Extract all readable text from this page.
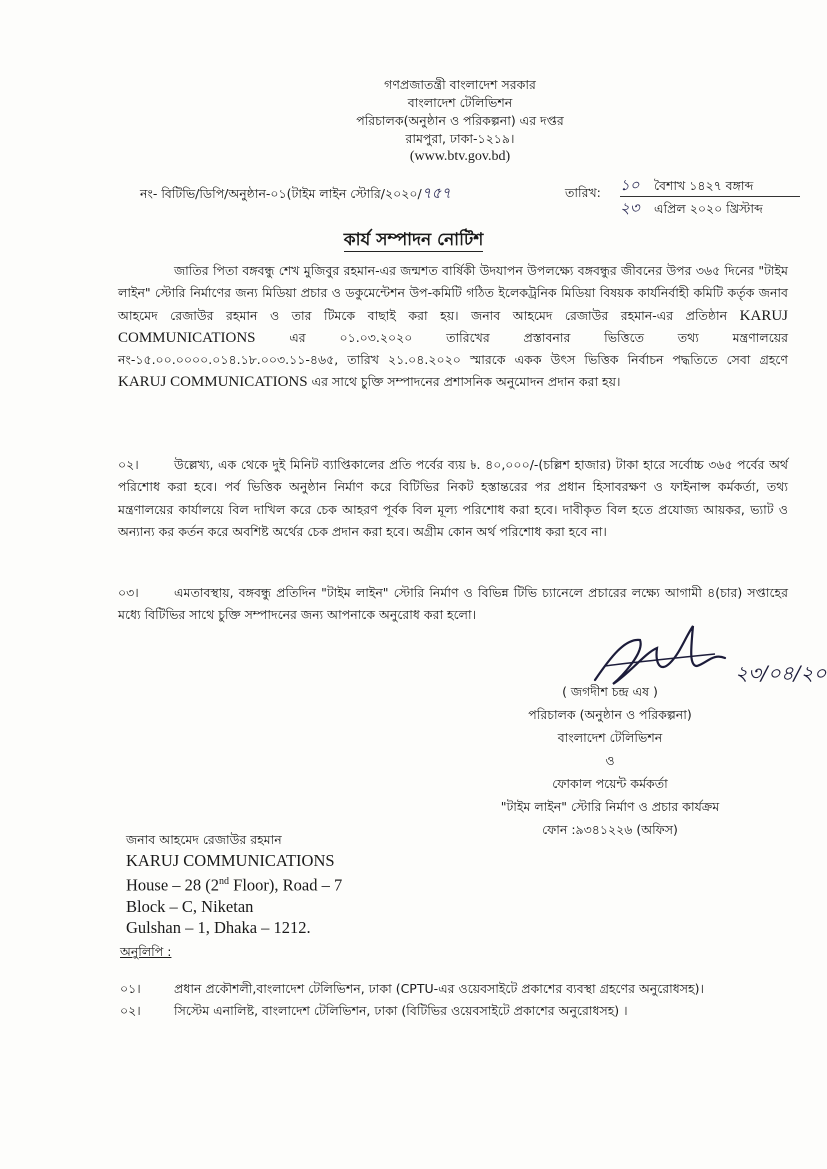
গণপ্রজাতন্ত্রী বাংলাদেশ সরকার
বাংলাদেশ টেলিভিশন
পরিচালক(অনুষ্ঠান ও পরিকল্পনা) এর দপ্তর
রামপুরা, ঢাকা-১২১৯।
(www.btv.gov.bd)
নং- বিটিভি/ডিপি/অনুষ্ঠান-০১(টাইম লাইন স্টোরি/২০২০/৭৫৭	তারিখ: ১০ বৈশাখ ১৪২৭ বঙ্গাব্দ
২৩ এপ্রিল ২০২০ খ্রিস্টাব্দ
কার্য সম্পাদন নোটিশ

জাতির পিতা বঙ্গবন্ধু শেখ মুজিবুর রহমান-এর জন্মশত বার্ষিকী উদযাপন উপলক্ষ্যে বঙ্গবন্ধুর জীবনের উপর ৩৬৫ দিনের "টাইম লাইন" স্টোরি নির্মাণের জন্য মিডিয়া প্রচার ও ডকুমেন্টেশন উপ-কমিটি গঠিত ইলেকট্রনিক মিডিয়া বিষয়ক কার্যনির্বাহী কমিটি কর্তৃক জনাব আহমেদ রেজাউর রহমান ও তার টিমকে বাছাই করা হয়। জনাব আহমেদ রেজাউর রহমান-এর প্রতিষ্ঠান KARUJ COMMUNICATIONS	এর ০১.০৩.২০২০ তারিখের প্রস্তাবনার ভিত্তিতে তথ্য মন্ত্রণালয়ের নং-১৫.০০.০০০০.০১৪.১৮.০০৩.১১-৪৬৫, তারিখ ২১.০৪.২০২০ স্মারকে একক উৎস ভিত্তিক নির্বাচন পদ্ধতিতে সেবা গ্রহণে KARUJ COMMUNICATIONS এর সাথে চুক্তি সম্পাদনের প্রশাসনিক অনুমোদন প্রদান করা হয়।

০২।	উল্লেখ্য, এক থেকে দুই মিনিট ব্যাপ্তিকালের প্রতি পর্বের ব্যয় ৳. ৪০,০০০/-(চল্লিশ হাজার) টাকা হারে সর্বোচ্চ ৩৬৫ পর্বের অর্থ পরিশোধ করা হবে। পর্ব ভিত্তিক অনুষ্ঠান নির্মাণ করে বিটিভির নিকট হস্তান্তরের পর প্রধান হিসাবরক্ষণ ও ফাইনান্স কর্মকর্তা, তথ্য মন্ত্রণালয়ের কার্যালয়ে বিল দাখিল করে চেক আহরণ পূর্বক বিল মূল্য পরিশোধ করা হবে। দাবীকৃত বিল হতে প্রযোজ্য আয়কর, ভ্যাট ও অন্যান্য কর কর্তন করে অবশিষ্ট অর্থের চেক প্রদান করা হবে। অগ্রীম কোন অর্থ পরিশোধ করা হবে না।

০৩।	এমতাবস্থায়, বঙ্গবন্ধু প্রতিদিন "টাইম লাইন" স্টোরি নির্মাণ ও বিভিন্ন টিভি চ্যানেলে প্রচারের লক্ষ্যে আগামী ৪(চার) সপ্তাহের মধ্যে বিটিভির সাথে চুক্তি সম্পাদনের জন্য আপনাকে অনুরোধ করা হলো।

২৩/০৪/২০
( জগদীশ চন্দ্র এষ )
পরিচালক (অনুষ্ঠান ও পরিকল্পনা)
বাংলাদেশ টেলিভিশন
ও
ফোকাল পয়েন্ট কর্মকর্তা
"টাইম লাইন" স্টোরি নির্মাণ ও প্রচার কার্যক্রম
ফোন :৯৩৪১২২৬ (অফিস)
জনাব আহমেদ রেজাউর রহমান
KARUJ COMMUNICATIONS
House – 28 (2nd Floor), Road – 7
Block – C, Niketan
Gulshan – 1, Dhaka – 1212.
অনুলিপি :
০১।	প্রধান প্রকৌশলী,বাংলাদেশ টেলিভিশন, ঢাকা (CPTU-এর ওয়েবসাইটে প্রকাশের ব্যবস্থা গ্রহণের অনুরোধসহ)।
০২।	সিস্টেম এনালিষ্ট, বাংলাদেশ টেলিভিশন, ঢাকা (বিটিভির ওয়েবসাইটে প্রকাশের অনুরোধসহ) ।
